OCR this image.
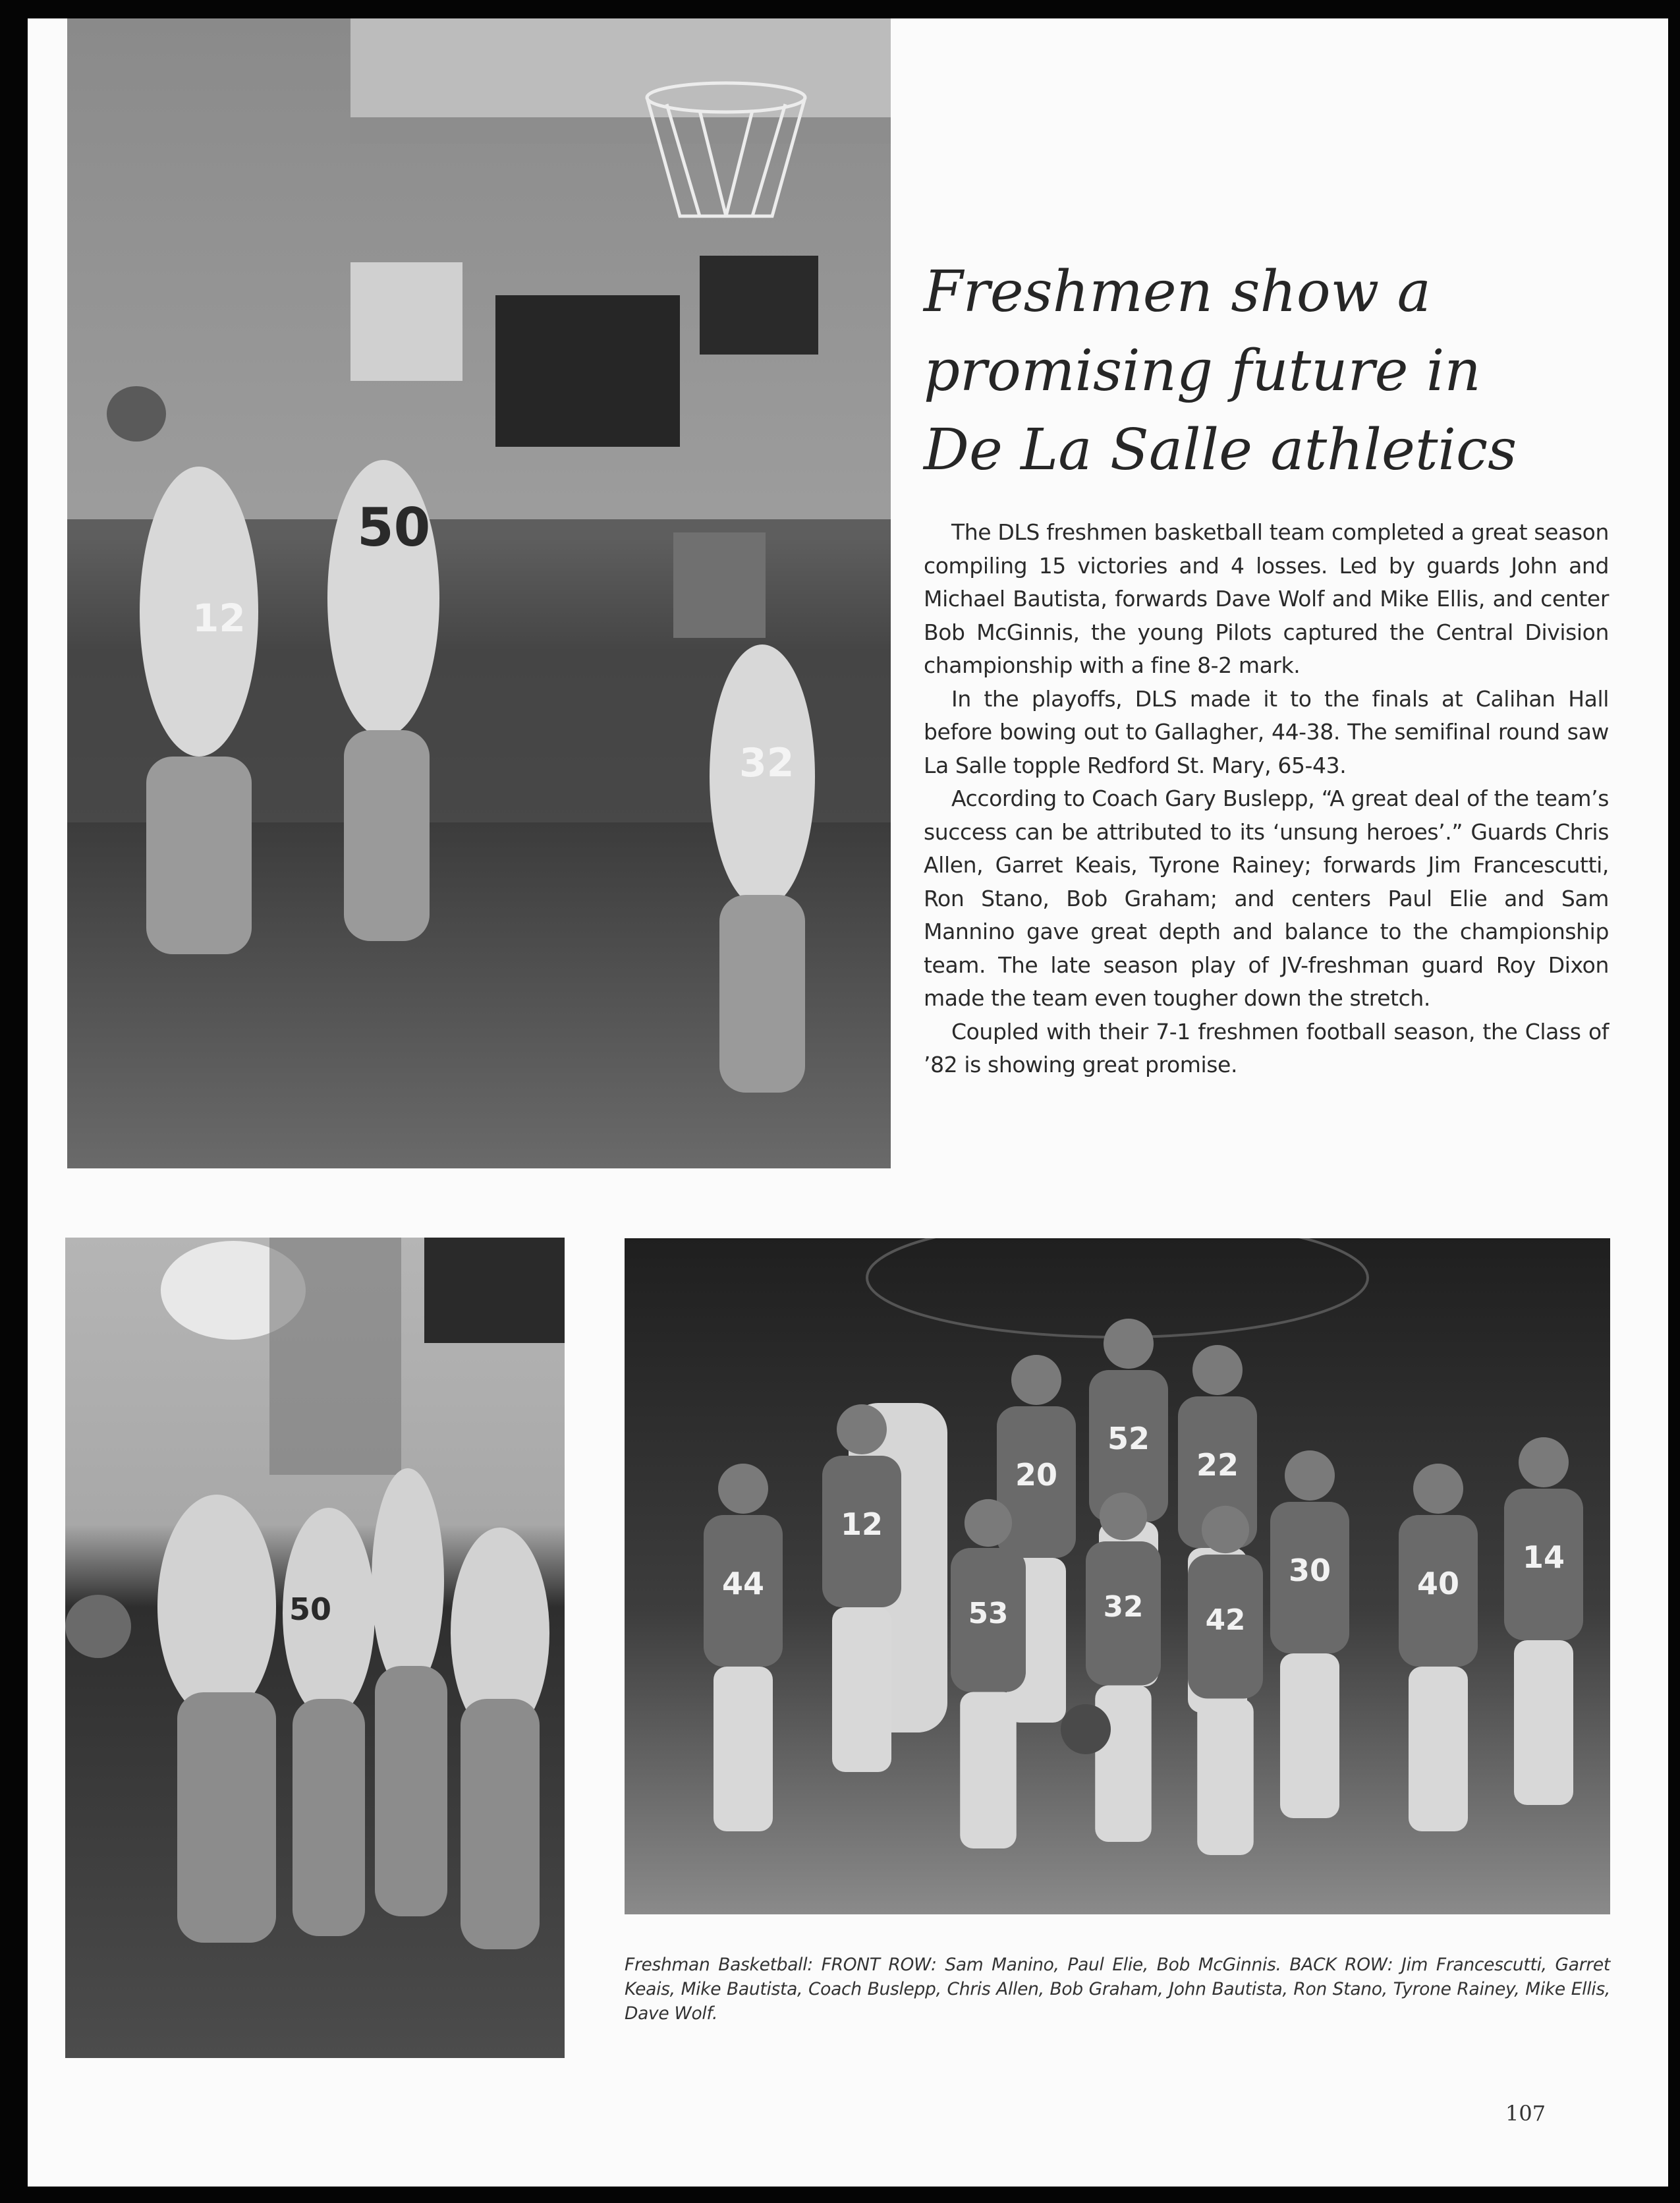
12
50
32
Freshmen show a
promising future in
De La Salle athletics

The DLS freshmen basketball team completed a great season compiling 15 victories and 4 losses. Led by guards John and Michael Bautista, forwards Dave Wolf and Mike Ellis, and center Bob McGinnis, the young Pilots captured the Central Division championship with a fine 8-2 mark.

In the playoffs, DLS made it to the finals at Calihan Hall before bowing out to Gallagher, 44-38. The semifinal round saw La Salle topple Redford St. Mary, 65-43.

According to Coach Gary Buslepp, “A great deal of the team’s success can be attributed to its ‘unsung heroes’.” Guards Chris Allen, Garret Keais, Tyrone Rainey; forwards Jim Francescutti, Ron Stano, Bob Graham; and centers Paul Elie and Sam Mannino gave great depth and balance to the championship team. The late season play of JV-freshman guard Roy Dixon made the team even tougher down the stretch.

Coupled with their 7-1 freshmen football season, the Class of ’82 is showing great promise.

50
52
22
20
12
44
53	32 42
30	40
14

Freshman Basketball: FRONT ROW: Sam Manino, Paul Elie, Bob McGinnis. BACK ROW: Jim Francescutti, Garret Keais, Mike Bautista, Coach Buslepp, Chris Allen, Bob Graham, John Bautista, Ron Stano, Tyrone Rainey, Mike Ellis, Dave Wolf.

107
